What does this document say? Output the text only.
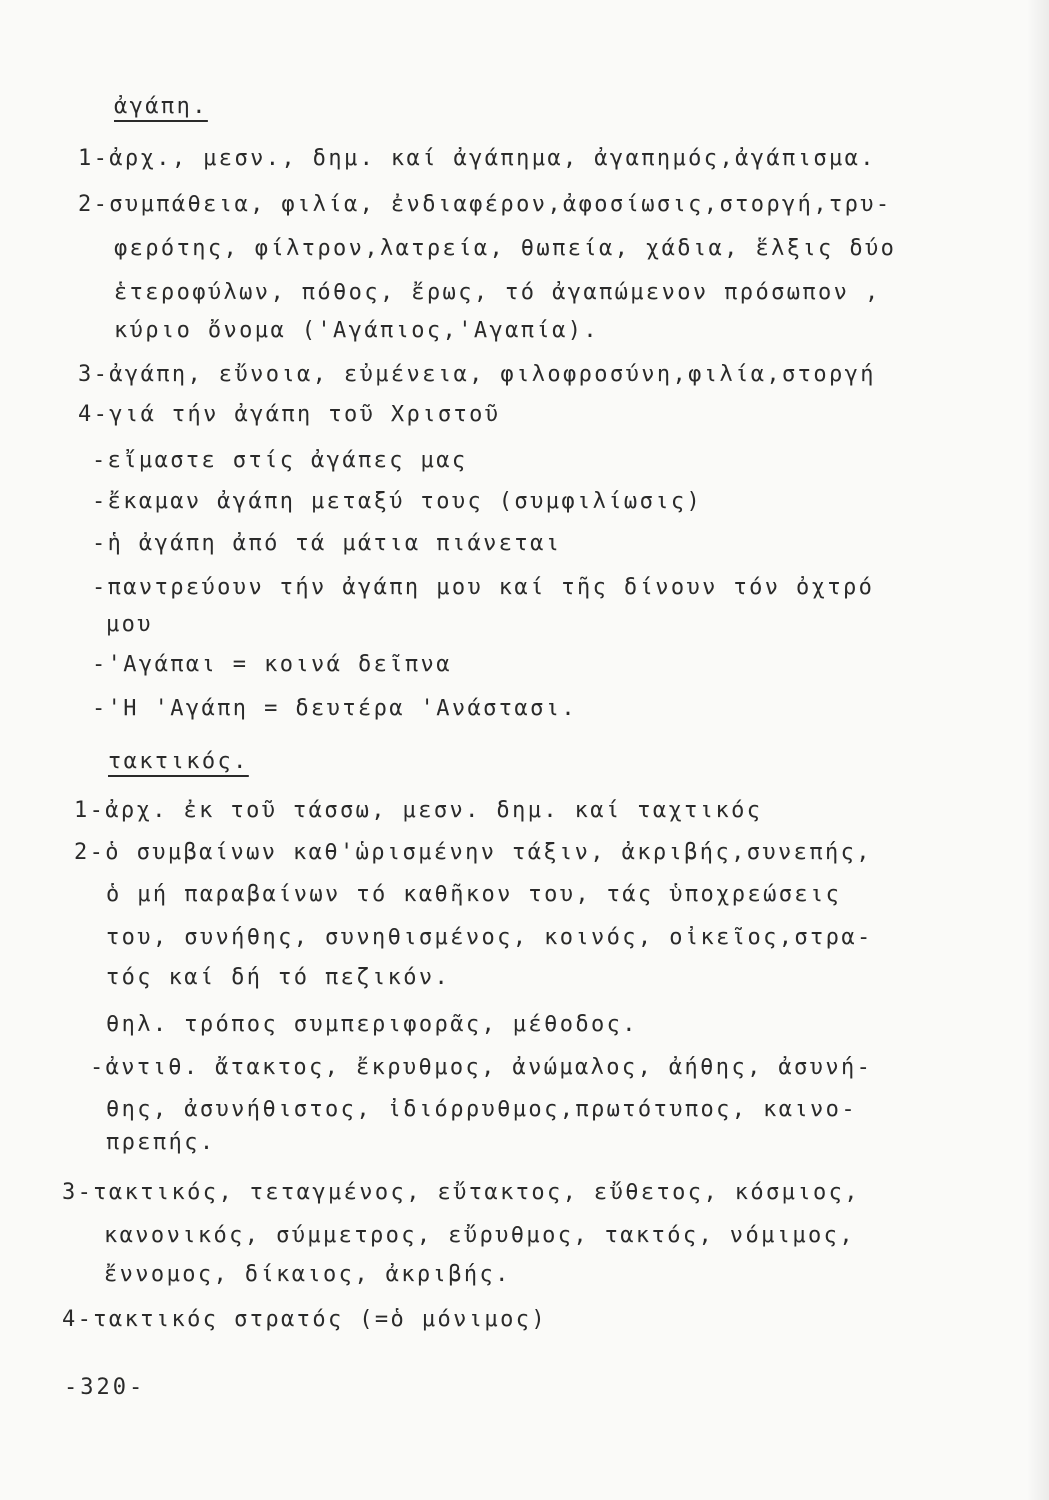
ἀγάπη.
1-ἀρχ., μεσν., δημ. καί ἀγάπημα, ἀγαπημός,ἀγάπισμα.
2-συμπάθεια, φιλία, ἐνδιαφέρον,ἀφοσίωσις,στοργή,τρυ-
φερότης, φίλτρον,λατρεία, θωπεία, χάδια, ἕλξις δύο
ἑτεροφύλων, πόθος, ἔρως, τό ἀγαπώμενον πρόσωπον ,
κύριο ὄνομα ('Αγάπιος,'Αγαπία).
3-ἀγάπη, εὔνοια, εὐμένεια, φιλοφροσύνη,φιλία,στοργή
4-γιά τήν ἀγάπη τοῦ Χριστοῦ
-εἴμαστε στίς ἀγάπες μας
-ἔκαμαν ἀγάπη μεταξύ τους (συμφιλίωσις)
-ἡ ἀγάπη ἀπό τά μάτια πιάνεται
-παντρεύουν τήν ἀγάπη μου καί τῆς δίνουν τόν ὀχτρό
μου
-'Αγάπαι = κοινά δεῖπνα
-'Η 'Αγάπη = δευτέρα 'Ανάστασι.
τακτικός.
1-ἀρχ. ἐκ τοῦ τάσσω, μεσν. δημ. καί ταχτικός
2-ὁ συμβαίνων καθ'ὡρισμένην τάξιν, ἀκριβής,συνεπής,
ὁ μή παραβαίνων τό καθῆκον του, τάς ὑποχρεώσεις
του, συνήθης, συνηθισμένος, κοινός, οἰκεῖος,στρα-
τός καί δή τό πεζικόν.
θηλ. τρόπος συμπεριφορᾶς, μέθοδος.
-ἀντιθ. ἄτακτος, ἔκρυθμος, ἀνώμαλος, ἀήθης, ἀσυνή-
θης, ἀσυνήθιστος, ἰδιόρρυθμος,πρωτότυπος, καινο-
πρεπής.
3-τακτικός, τεταγμένος, εὔτακτος, εὔθετος, κόσμιος,
κανονικός, σύμμετρος, εὔρυθμος, τακτός, νόμιμος,
ἔννομος, δίκαιος, ἀκριβής.
4-τακτικός στρατός (=ὁ μόνιμος)
-320-
